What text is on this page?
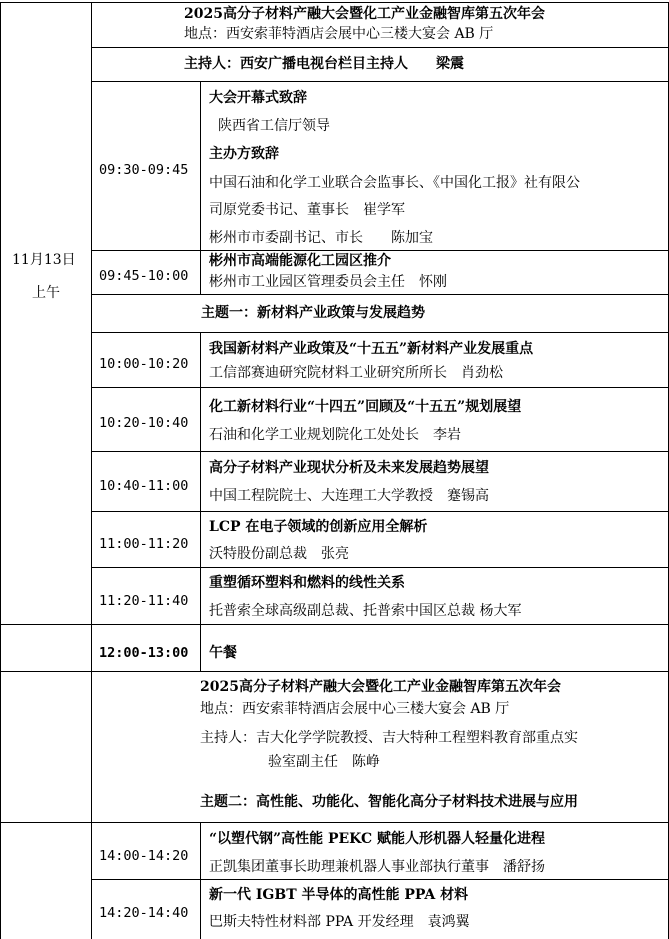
2025高分子材料产融大会暨化工产业金融智库第五次年会
地点：西安索菲特酒店会展中心三楼大宴会 AB 厅
主持人：西安广播电视台栏目主持人　　梁震
11月13日
上午
09:30-09:45
大会开幕式致辞
陕西省工信厅领导
主办方致辞
中国石油和化学工业联合会监事长、《中国化工报》社有限公
司原党委书记、董事长　崔学军
彬州市市委副书记、市长　　陈加宝
09:45-10:00
彬州市高端能源化工园区推介
彬州市工业园区管理委员会主任　怀刚
主题一：新材料产业政策与发展趋势
10:00-10:20
我国新材料产业政策及“十五五”新材料产业发展重点
工信部赛迪研究院材料工业研究所所长　肖劲松
10:20-10:40
化工新材料行业“十四五”回顾及“十五五”规划展望
石油和化学工业规划院化工处处长　李岩
10:40-11:00
高分子材料产业现状分析及未来发展趋势展望
中国工程院院士、大连理工大学教授　蹇锡高
11:00-11:20
LCP 在电子领域的创新应用全解析
沃特股份副总裁　张亮
11:20-11:40
重塑循环塑料和燃料的线性关系
托普索全球高级副总裁、托普索中国区总裁 杨大军
12:00-13:00 午餐
2025高分子材料产融大会暨化工产业金融智库第五次年会
地点：西安索菲特酒店会展中心三楼大宴会 AB 厅
主持人：吉大化学学院教授、吉大特种工程塑料教育部重点实
验室副主任　陈峥
主题二：高性能、功能化、智能化高分子材料技术进展与应用
14:00-14:20
“以塑代钢”高性能 PEKC 赋能人形机器人轻量化进程
正凯集团董事长助理兼机器人事业部执行董事　潘舒扬
14:20-14:40
新一代 IGBT 半导体的高性能 PPA 材料
巴斯夫特性材料部 PPA 开发经理　袁鸿翼
